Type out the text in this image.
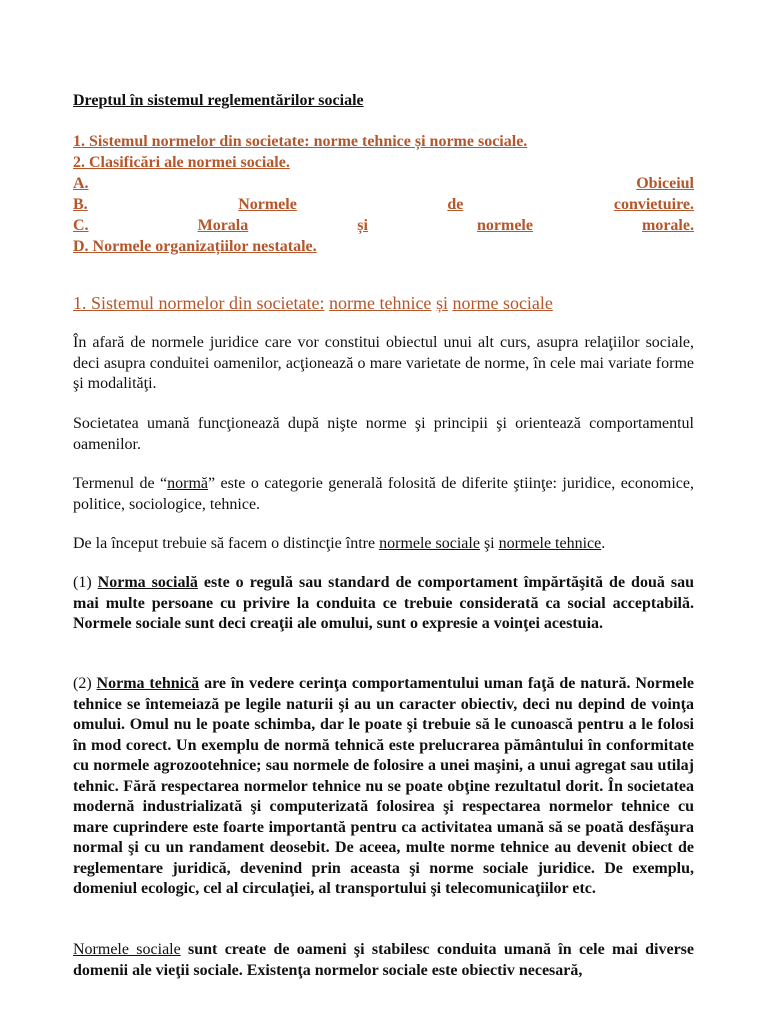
Dreptul în sistemul reglementărilor sociale
1. Sistemul normelor din societate: norme tehnice și norme sociale.
2. Clasificări ale normei sociale.
A.	Obiceiul
B.	Normele	de	convietuire.
C.	Morala	și	normele	morale.
D. Normele organizațiilor nestatale.
1. Sistemul normelor din societate: norme tehnice și norme sociale
În afară de normele juridice care vor constitui obiectul unui alt curs, asupra relaţiilor sociale, deci asupra conduitei oamenilor, acţionează o mare varietate de norme, în cele mai variate forme şi modalităţi.
Societatea umană funcţionează după nişte norme şi principii şi orientează comportamentul oamenilor.
Termenul de “normă” este o categorie generală folosită de diferite ştiinţe: juridice, economice, politice, sociologice, tehnice.
De la început trebuie să facem o distincţie între normele sociale şi normele tehnice.
(1) Norma socială este o regulă sau standard de comportament împărtăşită de două sau mai multe persoane cu privire la conduita ce trebuie considerată ca social acceptabilă. Normele sociale sunt deci creaţii ale omului, sunt o expresie a voinţei acestuia.
(2) Norma tehnică are în vedere cerinţa comportamentului uman faţă de natură. Normele tehnice se întemeiază pe legile naturii şi au un caracter obiectiv, deci nu depind de voinţa omului. Omul nu le poate schimba, dar le poate şi trebuie să le cunoască pentru a le folosi în mod corect. Un exemplu de normă tehnică este prelucrarea pământului în conformitate cu normele agrozootehnice; sau normele de folosire a unei maşini, a unui agregat sau utilaj tehnic. Fără respectarea normelor tehnice nu se poate obţine rezultatul dorit. În societatea modernă industrializată şi computerizată folosirea şi respectarea normelor tehnice cu mare cuprindere este foarte importantă pentru ca activitatea umană să se poată desfăşura normal şi cu un randament deosebit. De aceea, multe norme tehnice au devenit obiect de reglementare juridică, devenind prin aceasta şi norme sociale juridice. De exemplu, domeniul ecologic, cel al circulaţiei, al transportului şi telecomunicaţiilor etc.
Normele sociale sunt create de oameni şi stabilesc conduita umană în cele mai diverse domenii ale vieţii sociale. Existenţa normelor sociale este obiectiv necesară,
